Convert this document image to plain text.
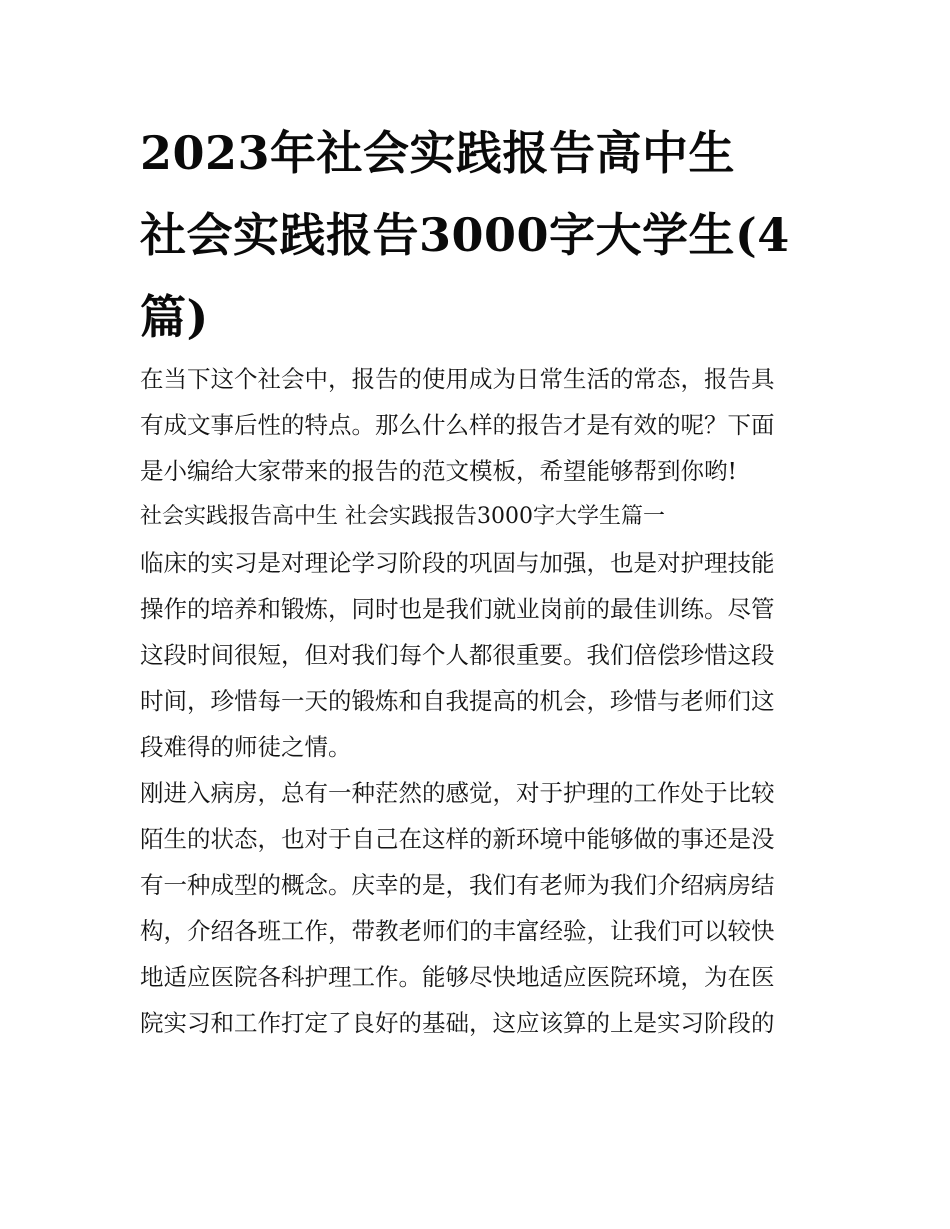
2023年社会实践报告高中生
社会实践报告3000字大学生(4
篇)
在当下这个社会中，报告的使用成为日常生活的常态，报告具
有成文事后性的特点。那么什么样的报告才是有效的呢？下面
是小编给大家带来的报告的范文模板，希望能够帮到你哟!
社会实践报告高中生 社会实践报告3000字大学生篇一
临床的实习是对理论学习阶段的巩固与加强，也是对护理技能
操作的培养和锻炼，同时也是我们就业岗前的最佳训练。尽管
这段时间很短，但对我们每个人都很重要。我们倍偿珍惜这段
时间，珍惜每一天的锻炼和自我提高的机会，珍惜与老师们这
段难得的师徒之情。
刚进入病房，总有一种茫然的感觉，对于护理的工作处于比较
陌生的状态，也对于自己在这样的新环境中能够做的事还是没
有一种成型的概念。庆幸的是，我们有老师为我们介绍病房结
构，介绍各班工作，带教老师们的丰富经验，让我们可以较快
地适应医院各科护理工作。能够尽快地适应医院环境，为在医
院实习和工作打定了良好的基础，这应该算的上是实习阶段的
